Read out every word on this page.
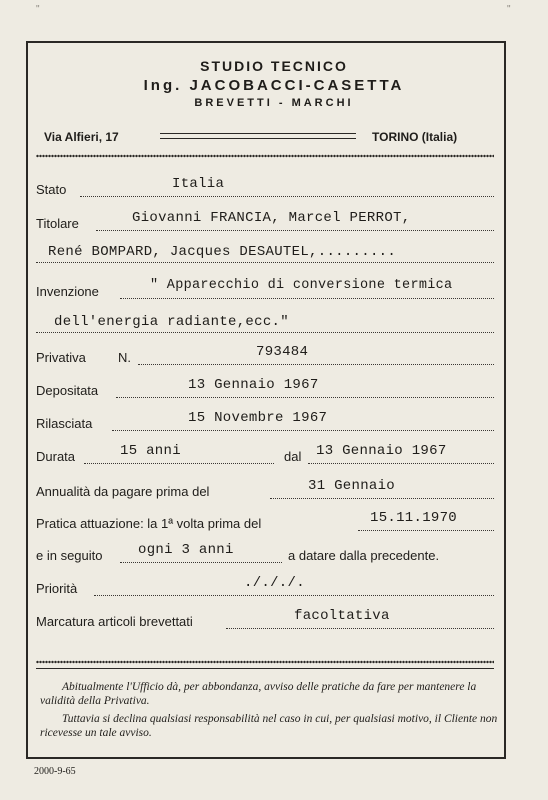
"	"
STUDIO TECNICO
Ing. JACOBACCI-CASETTA
BREVETTI - MARCHI
Via Alfieri, 17	TORINO (Italia)
Stato	Italia
Titolare	Giovanni FRANCIA, Marcel PERROT,
René BOMPARD, Jacques DESAUTEL,.........
Invenzione	" Apparecchio di conversione termica
dell'energia radiante,ecc."
Privativa N.	793484
Depositata	13 Gennaio 1967
Rilasciata	15 Novembre 1967
Durata	15 anni	dal 13 Gennaio 1967
Annualità da pagare prima del	31 Gennaio
Pratica attuazione: la 1ª volta prima del	15.11.1970
e in seguito	ogni 3 anni	a datare dalla precedente.
Priorità	./././.
Marcatura articoli brevettati	facoltativa
Abitualmente l'Ufficio dà, per abbondanza, avviso delle pratiche da fare per mantenere la validità della Privativa.
Tuttavia si declina qualsiasi responsabilità nel caso in cui, per qualsiasi motivo, il Cliente non ricevesse un tale avviso.
2000-9-65
